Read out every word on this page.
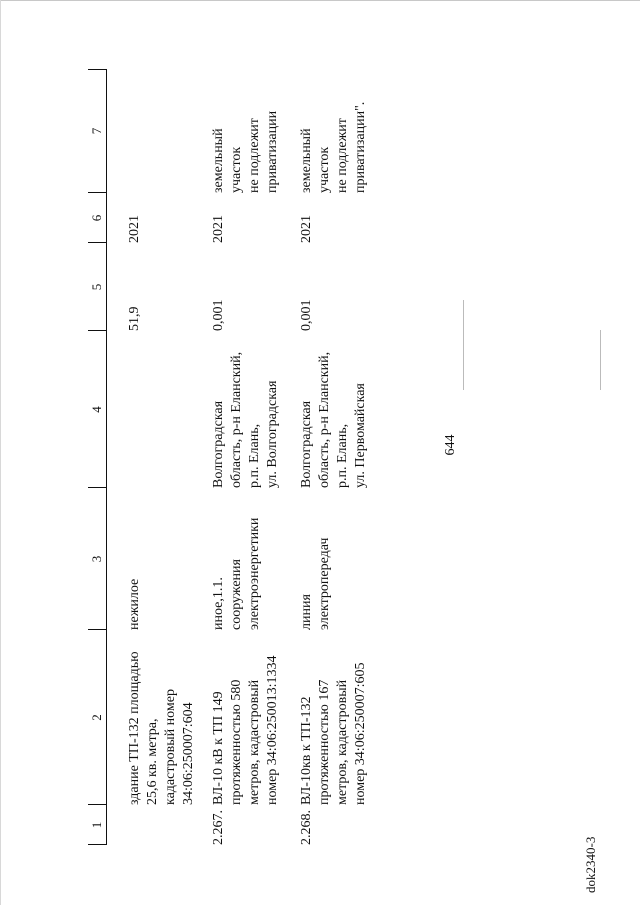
644
dok2340-3
1
2
3
4
5
6
7
здание ТП-132 площадью
25,6 кв. метра,
кадастровый номер
34:06:250007:604
нежилое
51,9
2021
2.267.
ВЛ-10 кВ к ТП 149
протяженностью 580
метров, кадастровый
номер 34:06:250013:1334
иное,1.1.
сооружения
электроэнергетики
Волгоградская
область, р-н Еланский,
р.п. Елань,
ул. Волгоградская
0,001
2021
земельный
участок
не подлежит
приватизации
2.268.
ВЛ-10кв к ТП-132
протяженностью 167
метров, кадастровый
номер 34:06:250007:605
линия
электропередач
Волгоградская
область, р-н Еланский,
р.п. Елань,
ул. Первомайская
0,001
2021
земельный
участок
не подлежит
приватизации".
